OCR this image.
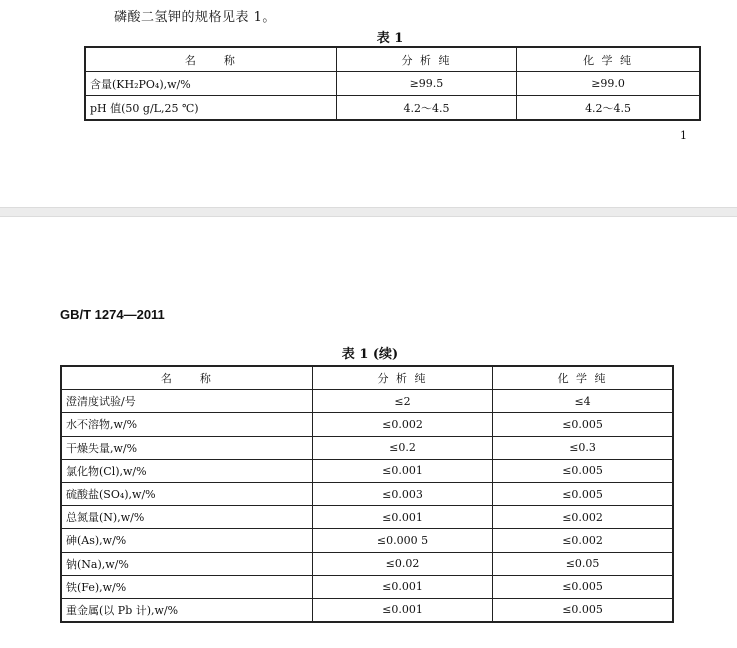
磷酸二氢钾的规格见表 1。
表 1
名　　称	分 析 纯	化 学 纯
含量(KH₂PO₄),w/%	≥99.5	≥99.0
pH 值(50 g/L,25 ℃)	4.2～4.5	4.2～4.5
1
GB/T 1274—2011
表 1 (续)
名　　称	分 析 纯	化 学 纯
澄清度试验/号	≤2	≤4
水不溶物,w/%	≤0.002	≤0.005
干燥失量,w/%	≤0.2	≤0.3
氯化物(Cl),w/%	≤0.001	≤0.005
硫酸盐(SO₄),w/%	≤0.003	≤0.005
总氮量(N),w/%	≤0.001	≤0.002
砷(As),w/%	≤0.000 5	≤0.002
钠(Na),w/%	≤0.02	≤0.05
铁(Fe),w/%	≤0.001	≤0.005
重金属(以 Pb 计),w/%	≤0.001	≤0.005
